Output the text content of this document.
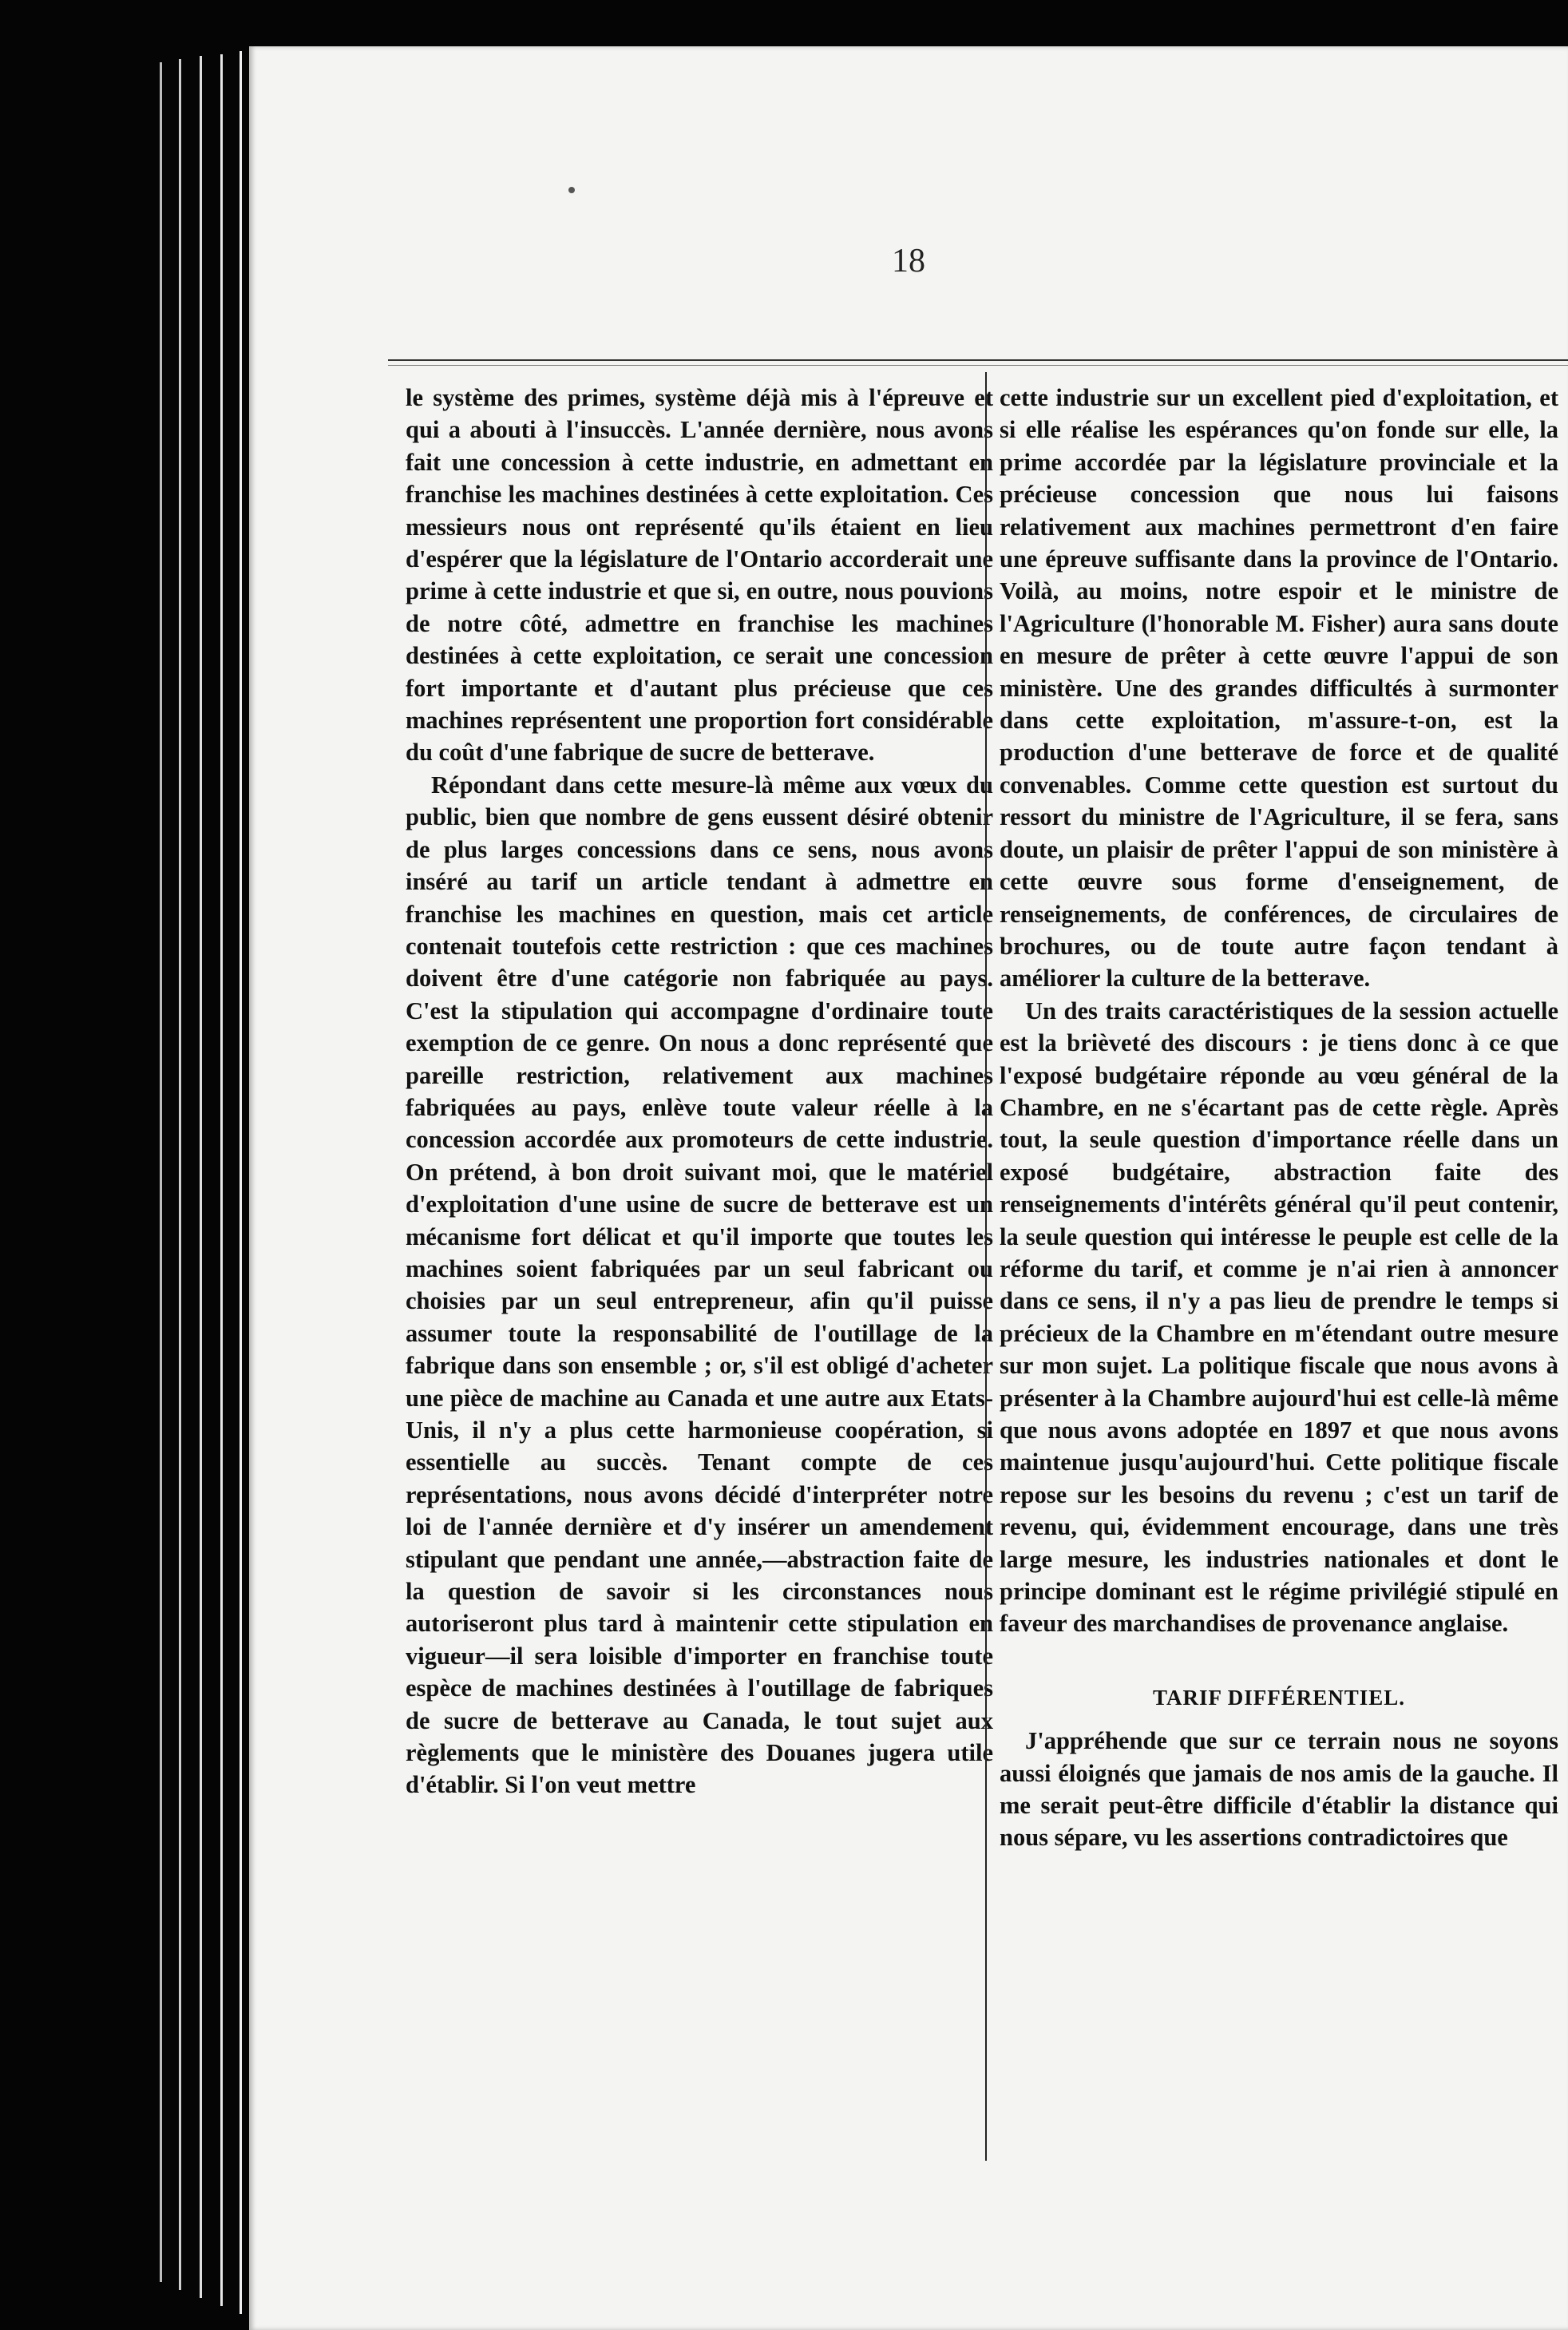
18

le système des primes, système déjà mis à l'épreuve et qui a abouti à l'insuccès. L'année dernière, nous avons fait une concession à cette industrie, en admettant en franchise les machines destinées à cette exploitation. Ces messieurs nous ont représenté qu'ils étaient en lieu d'espérer que la législature de l'Ontario accorderait une prime à cette industrie et que si, en outre, nous pouvions de notre côté, admettre en franchise les machines destinées à cette exploitation, ce serait une concession fort importante et d'autant plus précieuse que ces machines représentent une proportion fort considérable du coût d'une fabrique de sucre de betterave.

Répondant dans cette mesure-là même aux vœux du public, bien que nombre de gens eussent désiré obtenir de plus larges concessions dans ce sens, nous avons inséré au tarif un article tendant à admettre en franchise les machines en question, mais cet article contenait toutefois cette restriction : que ces machines doivent être d'une catégorie non fabriquée au pays. C'est la stipulation qui accompagne d'ordinaire toute exemption de ce genre. On nous a donc représenté que pareille restriction, relativement aux machines fabriquées au pays, enlève toute valeur réelle à la concession accordée aux promoteurs de cette industrie. On prétend, à bon droit suivant moi, que le matériel d'exploitation d'une usine de sucre de betterave est un mécanisme fort délicat et qu'il importe que toutes les machines soient fabriquées par un seul fabricant ou choisies par un seul entrepreneur, afin qu'il puisse assumer toute la responsabilité de l'outillage de la fabrique dans son ensemble ; or, s'il est obligé d'acheter une pièce de machine au Canada et une autre aux Etats-Unis, il n'y a plus cette harmonieuse coopération, si essentielle au succès. Tenant compte de ces représentations, nous avons décidé d'interpréter notre loi de l'année dernière et d'y insérer un amendement stipulant que pendant une année,—abstraction faite de la question de savoir si les circonstances nous autoriseront plus tard à maintenir cette stipulation en vigueur—il sera loisible d'importer en franchise toute espèce de machines destinées à l'outillage de fabriques de sucre de betterave au Canada, le tout sujet aux règlements que le ministère des Douanes jugera utile d'établir. Si l'on veut mettre

cette industrie sur un excellent pied d'exploitation, et si elle réalise les espérances qu'on fonde sur elle, la prime accordée par la législature provinciale et la précieuse concession que nous lui faisons relativement aux machines permettront d'en faire une épreuve suffisante dans la province de l'Ontario. Voilà, au moins, notre espoir et le ministre de l'Agriculture (l'honorable M. Fisher) aura sans doute en mesure de prêter à cette œuvre l'appui de son ministère. Une des grandes difficultés à surmonter dans cette exploitation, m'assure-t-on, est la production d'une betterave de force et de qualité convenables. Comme cette question est surtout du ressort du ministre de l'Agriculture, il se fera, sans doute, un plaisir de prêter l'appui de son ministère à cette œuvre sous forme d'enseignement, de renseignements, de conférences, de circulaires de brochures, ou de toute autre façon tendant à améliorer la culture de la betterave.

Un des traits caractéristiques de la session actuelle est la brièveté des discours : je tiens donc à ce que l'exposé budgétaire réponde au vœu général de la Chambre, en ne s'écartant pas de cette règle. Après tout, la seule question d'importance réelle dans un exposé budgétaire, abstraction faite des renseignements d'intérêts général qu'il peut contenir, la seule question qui intéresse le peuple est celle de la réforme du tarif, et comme je n'ai rien à annoncer dans ce sens, il n'y a pas lieu de prendre le temps si précieux de la Chambre en m'étendant outre mesure sur mon sujet. La politique fiscale que nous avons à présenter à la Chambre aujourd'hui est celle-là même que nous avons adoptée en 1897 et que nous avons maintenue jusqu'aujourd'hui. Cette politique fiscale repose sur les besoins du revenu ; c'est un tarif de revenu, qui, évidemment encourage, dans une très large mesure, les industries nationales et dont le principe dominant est le régime privilégié stipulé en faveur des marchandises de provenance anglaise.

TARIF DIFFÉRENTIEL.

J'appréhende que sur ce terrain nous ne soyons aussi éloignés que jamais de nos amis de la gauche. Il me serait peut-être difficile d'établir la distance qui nous sépare, vu les assertions contradictoires que
